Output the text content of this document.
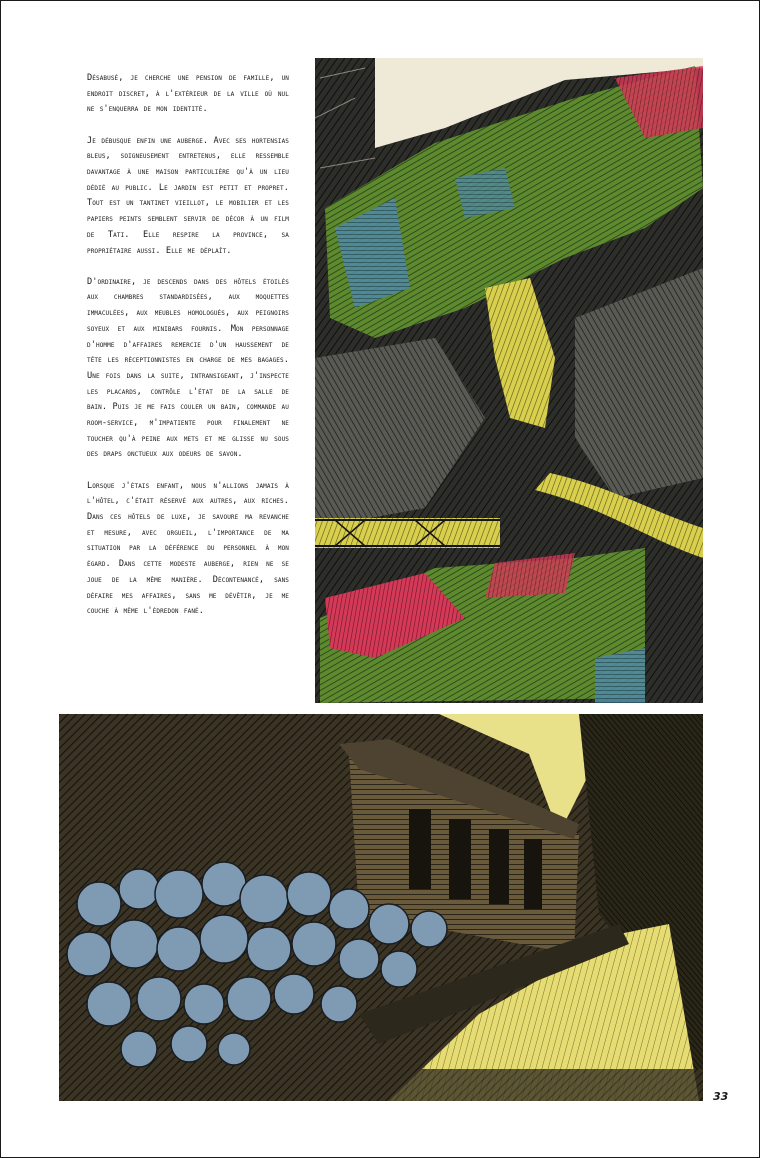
Désabusé, je cherche une pension de famille, un endroit discret, à l'extérieur de la ville où nul ne s'enquerra de mon identité.

Je débusque enfin une auberge. Avec ses hortensias bleus, soigneusement entretenus, elle ressemble davantage à une maison particulière qu'à un lieu dédié au public. Le jardin est petit et propret. Tout est un tantinet vieillot, le mobilier et les papiers peints semblent servir de décor à un film de Tati. Elle respire la province, sa propriétaire aussi. Elle me déplaît.

D'ordinaire, je descends dans des hôtels étoilés aux chambres standardisées, aux moquettes immaculées, aux meubles homologués, aux peignoirs soyeux et aux minibars fournis. Mon personnage d'homme d'affaires remercie d'un haussement de tête les réceptionnistes en charge de mes bagages. Une fois dans la suite, intransigeant, j'inspecte les placards, contrôle l'état de la salle de bain. Puis je me fais couler un bain, commande au room-service, m'impatiente pour finalement ne toucher qu'à peine aux mets et me glisse nu sous des draps onctueux aux odeurs de savon.

Lorsque j'étais enfant, nous n'allions jamais à l'hôtel, c'était réservé aux autres, aux riches. Dans ces hôtels de luxe, je savoure ma revanche et mesure, avec orgueil, l'importance de ma situation par la déférence du personnel à mon égard. Dans cette modeste auberge, rien ne se joue de la même manière. Décontenancé, sans défaire mes affaires, sans me dévêtir, je me couche à même l'édredon fané.

33
